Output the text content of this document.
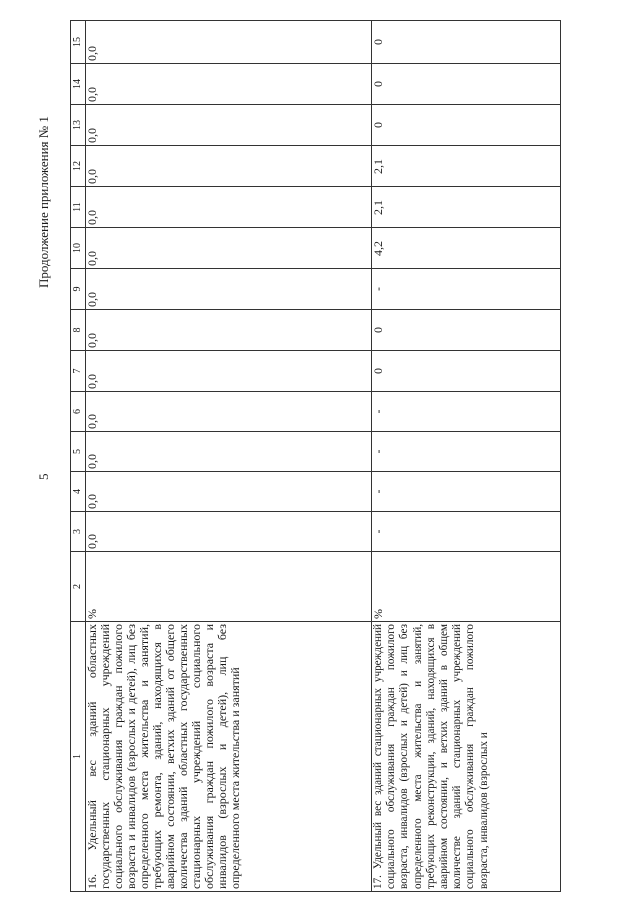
5
Продолжение приложения № 1
1	2	3	4	5	6	7	8	9	10	11	12	13	14	15
16. Удельный вес зданий областных государственных стационарных учреждений социального обслуживания граждан пожилого возраста и инвалидов (взрослых и детей), лиц без определенного места жительства и занятий, требующих ремонта, зданий, находящихся в аварийном состоянии, ветхих зданий от общего количества зданий областных государственных стационарных учреждений социального обслуживания граждан пожилого возраста и инвалидов (взрослых и детей), лиц без определенного места жительства и занятий	%	0,0	0,0	0,0	0,0	0,0	0,0	0,0	0,0	0,0	0,0	0,0	0,0	0,0
17. Удельный вес зданий стационарных учреждений социального обслуживания граждан пожилого возраста, инвалидов (взрослых и детей) и лиц без определенного места жительства и занятий, требующих реконструкции, зданий, находящихся в аварийном состоянии, и ветхих зданий в общем количестве зданий стационарных учреждений социального обслуживания граждан пожилого возраста, инвалидов (взрослых и	%	-	-	-	-	0	0	-	4,2	2,1	2,1	0	0	0
